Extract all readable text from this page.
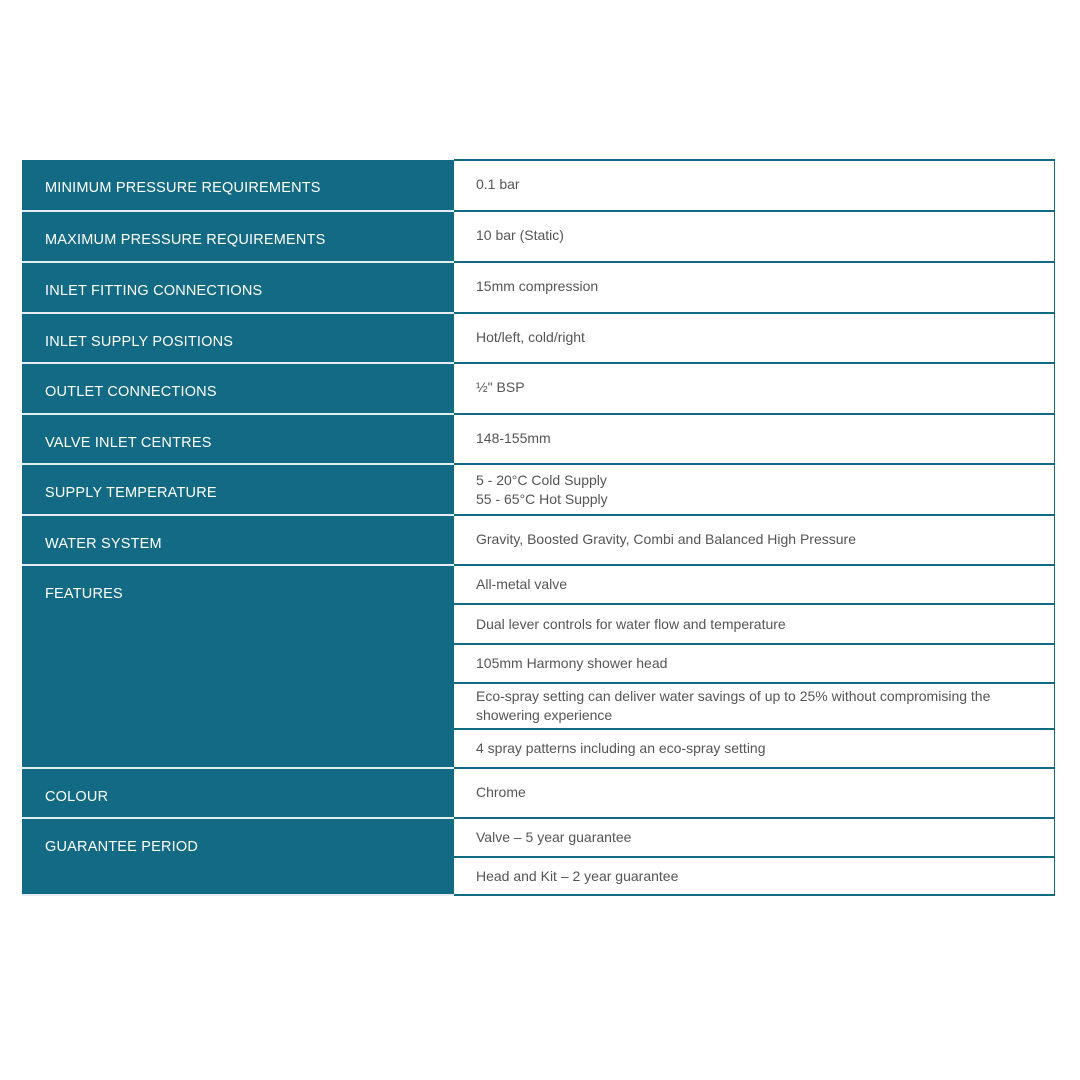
MINIMUM PRESSURE REQUIREMENTS	0.1 bar

MAXIMUM PRESSURE REQUIREMENTS	10 bar (Static)

INLET FITTING CONNECTIONS	15mm compression

INLET SUPPLY POSITIONS	Hot/left, cold/right

OUTLET CONNECTIONS	½" BSP

VALVE INLET CENTRES	148-155mm

SUPPLY TEMPERATURE	5 - 20°C Cold Supply
55 - 65°C Hot Supply

WATER SYSTEM	Gravity, Boosted Gravity, Combi and Balanced High Pressure

FEATURES	All-metal valve

	Dual lever controls for water flow and temperature

	105mm Harmony shower head

	Eco-spray setting can deliver water savings of up to 25% without compromising the showering experience

	4 spray patterns including an eco-spray setting

COLOUR	Chrome

GUARANTEE PERIOD	Valve – 5 year guarantee

	Head and Kit – 2 year guarantee
